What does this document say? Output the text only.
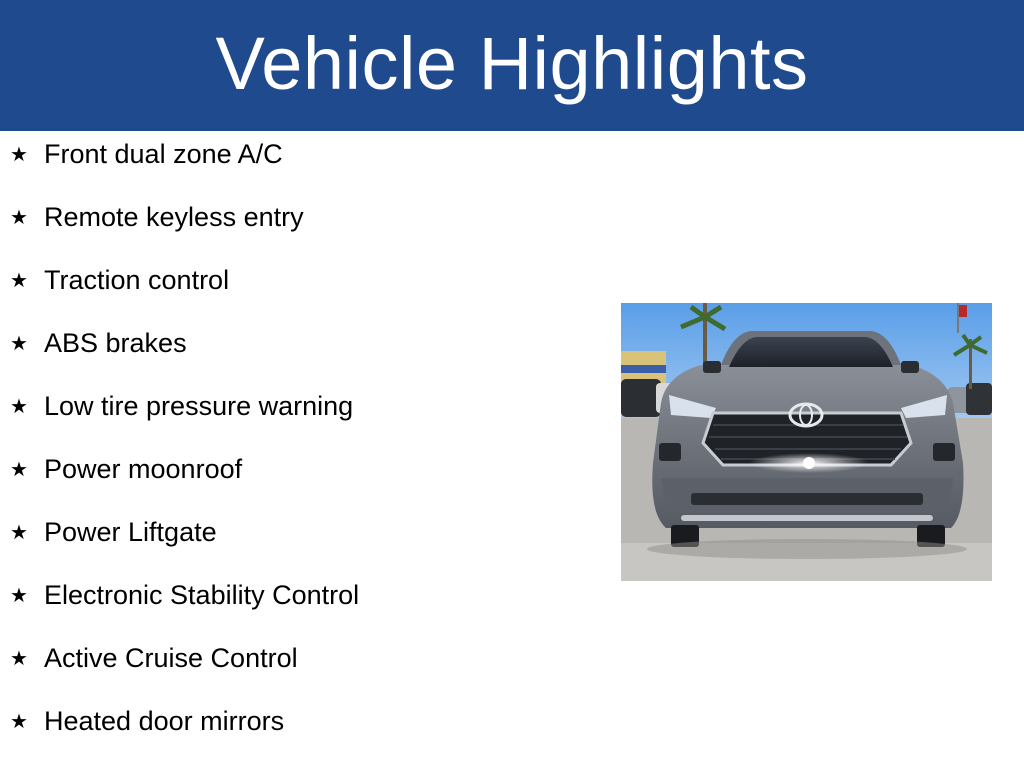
Vehicle Highlights
★ Front dual zone A/C
★ Remote keyless entry
★ Traction control
★ ABS brakes
★ Low tire pressure warning
★ Power moonroof
★ Power Liftgate
★ Electronic Stability Control
★ Active Cruise Control
★ Heated door mirrors
